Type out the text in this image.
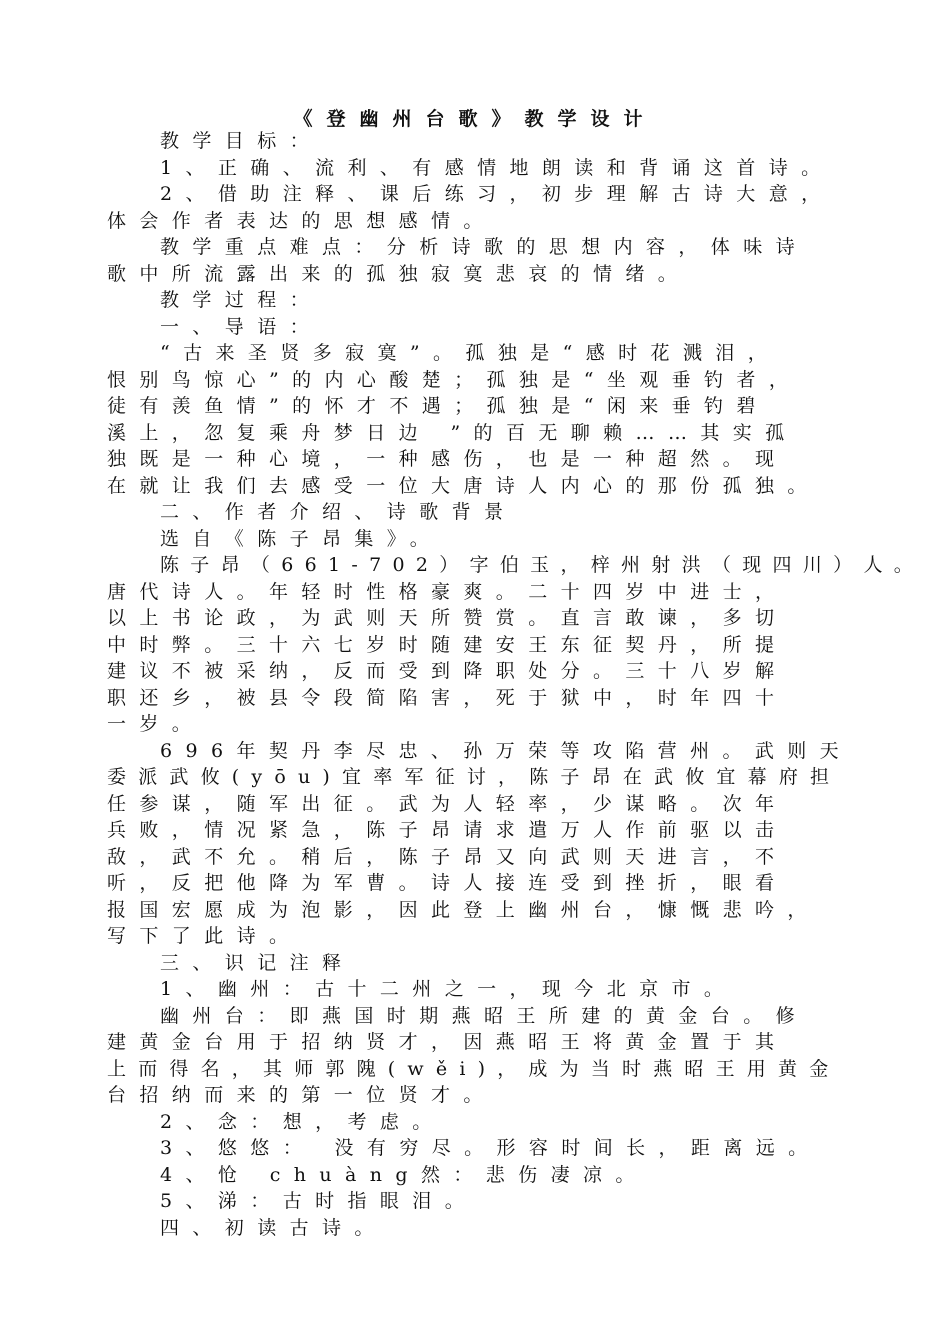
《登幽州台歌》教学设计
教学目标：
1、正确、流利、有感情地朗读和背诵这首诗。
2、借助注释、课后练习，初步理解古诗大意，
体会作者表达的思想感情。
教学重点难点：分析诗歌的思想内容，体味诗
歌中所流露出来的孤独寂寞悲哀的情绪。
教学过程：
一、导语：
“古来圣贤多寂寞”。孤独是“感时花溅泪，
恨别鸟惊心”的内心酸楚；孤独是“坐观垂钓者，
徒有羡鱼情”的怀才不遇；孤独是“闲来垂钓碧
溪上，忽复乘舟梦日边 ”的百无聊赖……其实孤
独既是一种心境，一种感伤，也是一种超然。现
在就让我们去感受一位大唐诗人内心的那份孤独。
二、作者介绍、诗歌背景
选自《陈子昂集》。
陈子昂（661-702）字伯玉，梓州射洪（现四川）人。
唐代诗人。年轻时性格豪爽。二十四岁中进士，
以上书论政，为武则天所赞赏。直言敢谏，多切
中时弊。三十六七岁时随建安王东征契丹，所提
建议不被采纳，反而受到降职处分。三十八岁解
职还乡，被县令段简陷害，死于狱中，时年四十
一岁。
696年契丹李尽忠、孙万荣等攻陷营州。武则天
委派武攸(yōu)宜率军征讨，陈子昂在武攸宜幕府担
任参谋，随军出征。武为人轻率，少谋略。次年
兵败，情况紧急，陈子昂请求遣万人作前驱以击
敌，武不允。稍后，陈子昂又向武则天进言，不
听，反把他降为军曹。诗人接连受到挫折，眼看
报国宏愿成为泡影，因此登上幽州台，慷慨悲吟，
写下了此诗。
三、识记注释
1、幽州：古十二州之一，现今北京市。
幽州台：即燕国时期燕昭王所建的黄金台。修
建黄金台用于招纳贤才，因燕昭王将黄金置于其
上而得名，其师郭隗(wěi)，成为当时燕昭王用黄金
台招纳而来的第一位贤才。
2、念：想，考虑。
3、悠悠： 没有穷尽。形容时间长，距离远。
4、怆 chuàng然：悲伤凄凉。
5、涕：古时指眼泪。
四、初读古诗。
